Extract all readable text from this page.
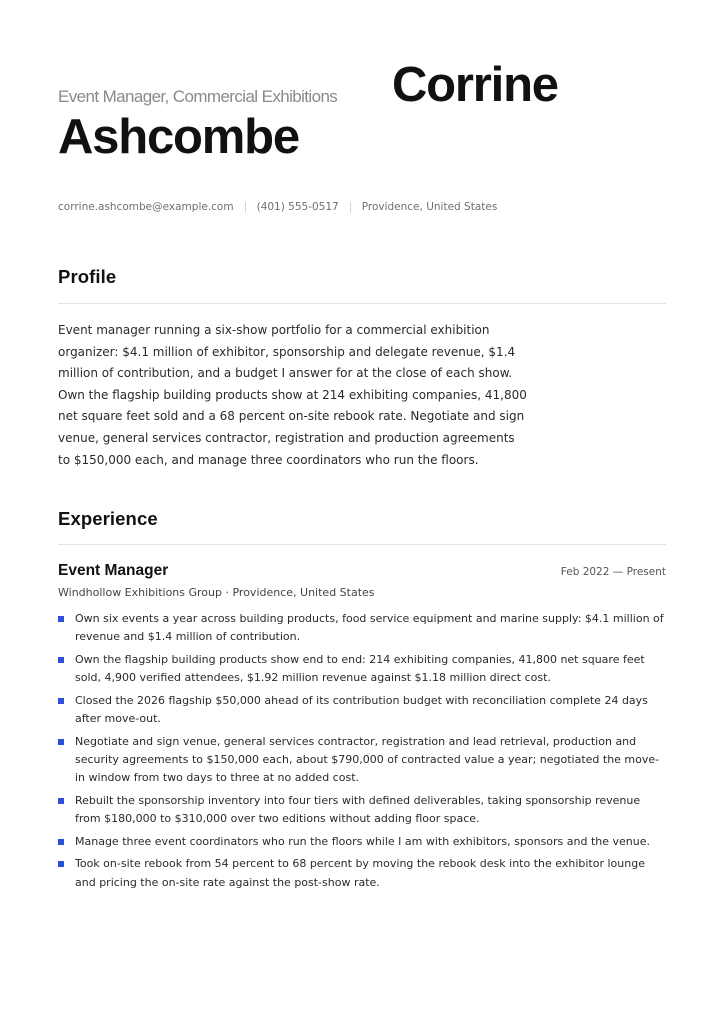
Event Manager, Commercial Exhibitions Corrine
Ashcombe
corrine.ashcombe@example.com (401) 555-0517 Providence, United States
Profile
Event manager running a six-show portfolio for a commercial exhibition organizer: $4.1 million of exhibitor, sponsorship and delegate revenue, $1.4 million of contribution, and a budget I answer for at the close of each show. Own the flagship building products show at 214 exhibiting companies, 41,800 net square feet sold and a 68 percent on-site rebook rate. Negotiate and sign venue, general services contractor, registration and production agreements to $150,000 each, and manage three coordinators who run the floors.
Experience
Event Manager	Feb 2022 — Present
Windhollow Exhibitions Group · Providence, United States
Own six events a year across building products, food service equipment and marine supply: $4.1 million of revenue and $1.4 million of contribution.
Own the flagship building products show end to end: 214 exhibiting companies, 41,800 net square feet sold, 4,900 verified attendees, $1.92 million revenue against $1.18 million direct cost.
Closed the 2026 flagship $50,000 ahead of its contribution budget with reconciliation complete 24 days after move-out.
Negotiate and sign venue, general services contractor, registration and lead retrieval, production and security agreements to $150,000 each, about $790,000 of contracted value a year; negotiated the move-in window from two days to three at no added cost.
Rebuilt the sponsorship inventory into four tiers with defined deliverables, taking sponsorship revenue from $180,000 to $310,000 over two editions without adding floor space.
Manage three event coordinators who run the floors while I am with exhibitors, sponsors and the venue.
Took on-site rebook from 54 percent to 68 percent by moving the rebook desk into the exhibitor lounge and pricing the on-site rate against the post-show rate.
